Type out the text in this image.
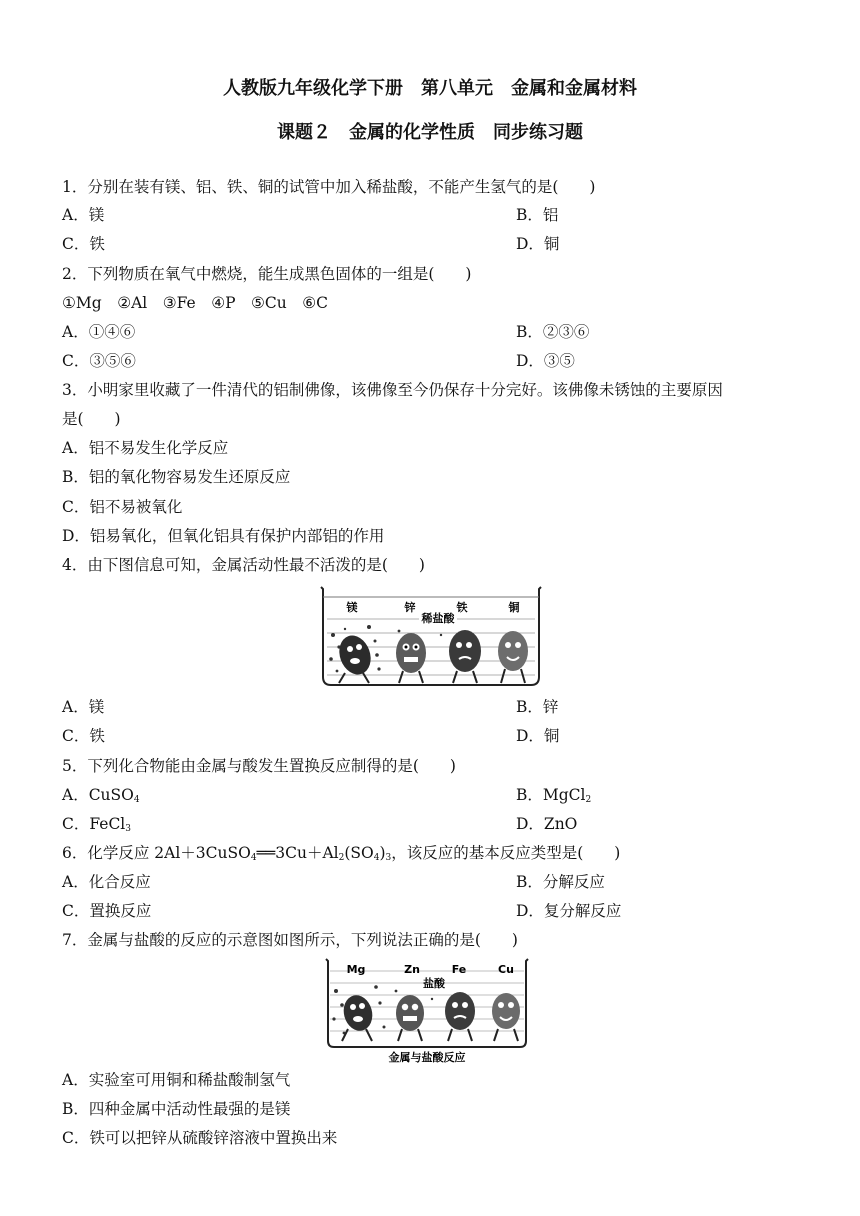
人教版九年级化学下册　第八单元　金属和金属材料
课题２　金属的化学性质　同步练习题
1．分别在装有镁、铝、铁、铜的试管中加入稀盐酸，不能产生氢气的是(　　)
A．镁	B．铝
C．铁	D．铜
2．下列物质在氧气中燃烧，能生成黑色固体的一组是(　　)
①Mg　②Al　③Fe　④P　⑤Cu　⑥C
A．①④⑥	B．②③⑥
C．③⑤⑥	D．③⑤
3．小明家里收藏了一件清代的铝制佛像，该佛像至今仍保存十分完好。该佛像未锈蚀的主要原因
是(　　)
A．铝不易发生化学反应
B．铝的氧化物容易发生还原反应
C．铝不易被氧化
D．铝易氧化，但氧化铝具有保护内部铝的作用
4．由下图信息可知，金属活动性最不活泼的是(　　)
镁	锌	铁	铜
稀盐酸
A．镁	B．锌
C．铁	D．铜
5．下列化合物能由金属与酸发生置换反应制得的是(　　)
A．CuSO$_4$	B．MgCl$_2$
C．FeCl$_3$	D．ZnO
6．化学反应 $2Al+3CuSO_4══3Cu+Al_2(SO_4)_3$，该反应的基本反应类型是(　　)
A．化合反应	B．分解反应
C．置换反应	D．复分解反应
7．金属与盐酸的反应的示意图如图所示，下列说法正确的是(　　)
Mg	Zn	Fe	Cu
盐酸
金属与盐酸反应
A．实验室可用铜和稀盐酸制氢气
B．四种金属中活动性最强的是镁
C．铁可以把锌从硫酸锌溶液中置换出来
